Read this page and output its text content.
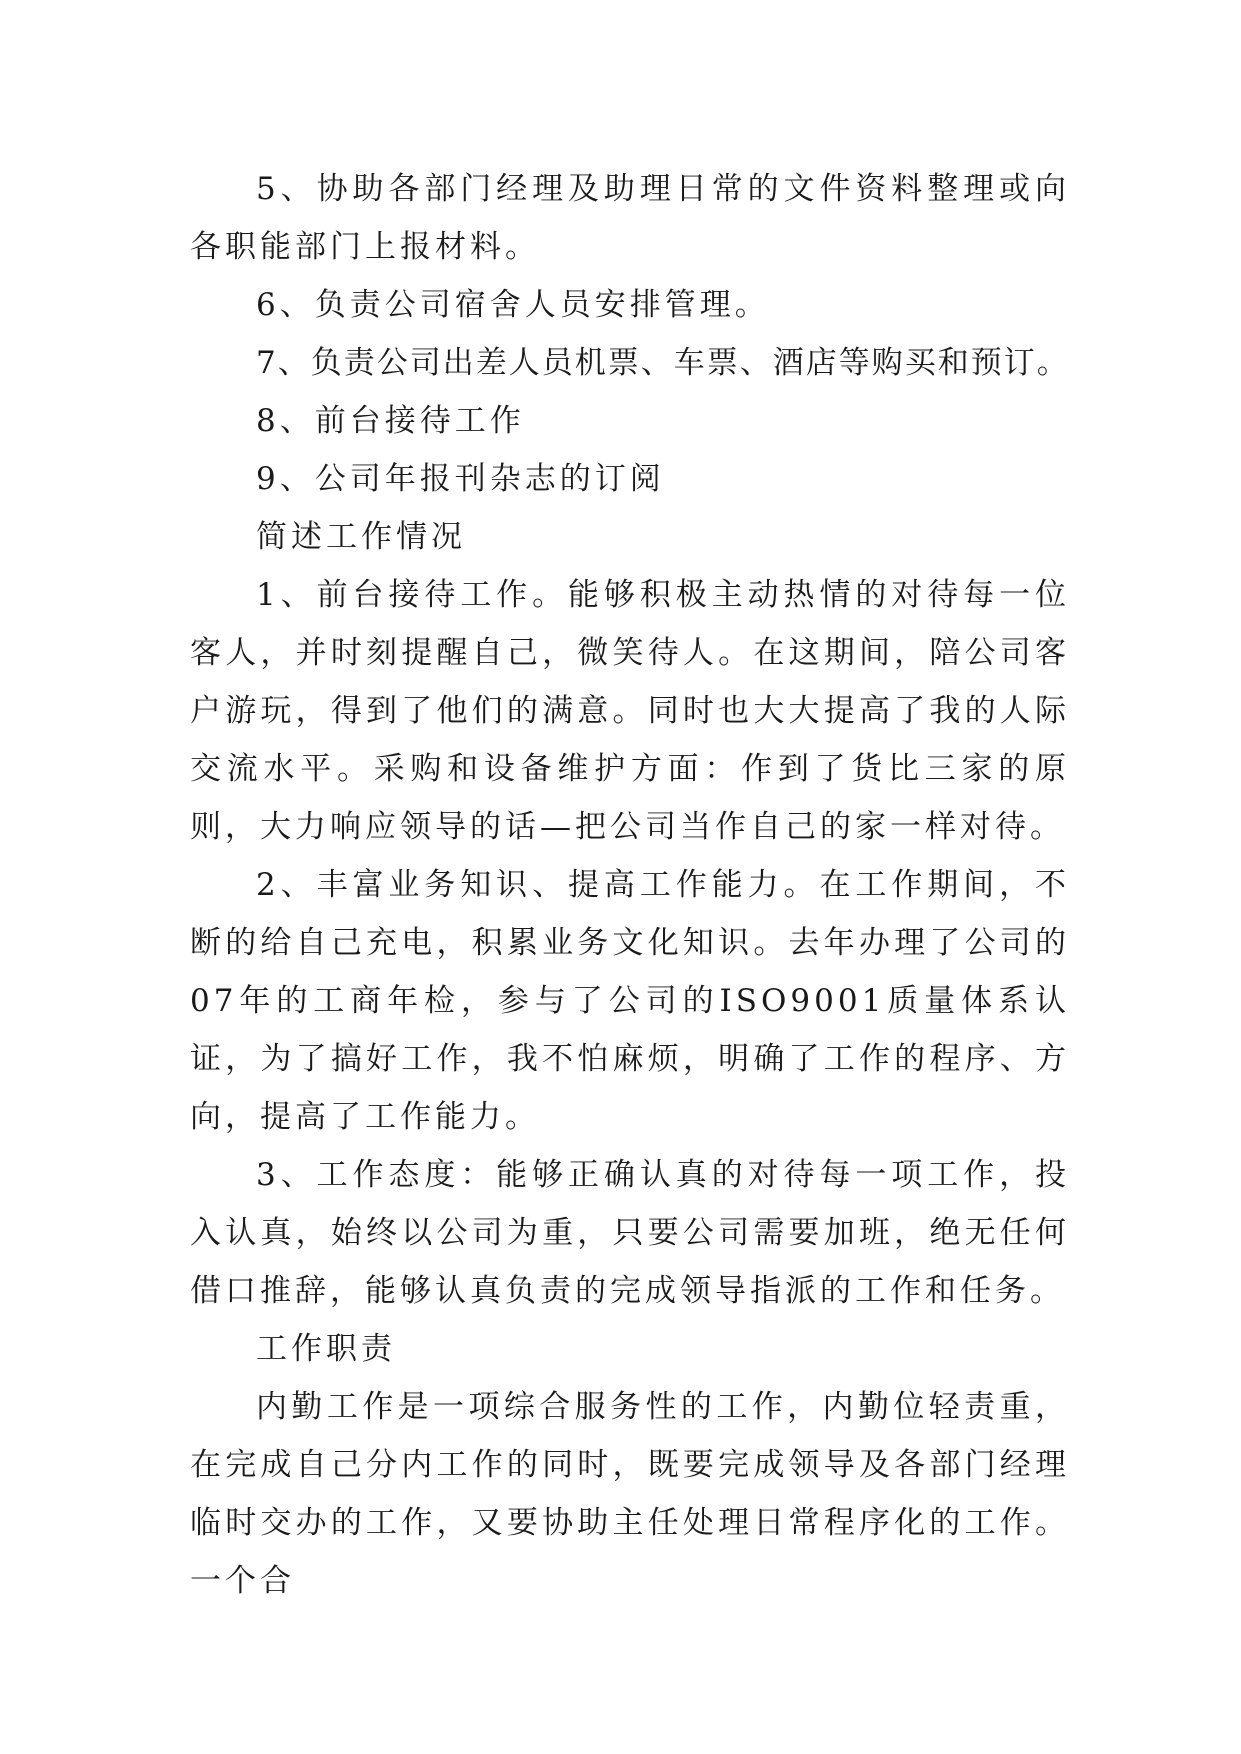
5、协助各部门经理及助理日常的文件资料整理或向各职能部门上报材料。

6、负责公司宿舍人员安排管理。

7、负责公司出差人员机票、车票、酒店等购买和预订。

8、前台接待工作

9、公司年报刊杂志的订阅

简述工作情况

1、前台接待工作。能够积极主动热情的对待每一位客人，并时刻提醒自己，微笑待人。在这期间，陪公司客户游玩，得到了他们的满意。同时也大大提高了我的人际交流水平。采购和设备维护方面：作到了货比三家的原则，大力响应领导的话—把公司当作自己的家一样对待。

2、丰富业务知识、提高工作能力。在工作期间，不断的给自己充电，积累业务文化知识。去年办理了公司的07年的工商年检，参与了公司的ISO9001质量体系认证，为了搞好工作，我不怕麻烦，明确了工作的程序、方向，提高了工作能力。

3、工作态度：能够正确认真的对待每一项工作，投入认真，始终以公司为重，只要公司需要加班，绝无任何借口推辞，能够认真负责的完成领导指派的工作和任务。

工作职责

内勤工作是一项综合服务性的工作，内勤位轻责重，在完成自己分内工作的同时，既要完成领导及各部门经理临时交办的工作，又要协助主任处理日常程序化的工作。一个合
